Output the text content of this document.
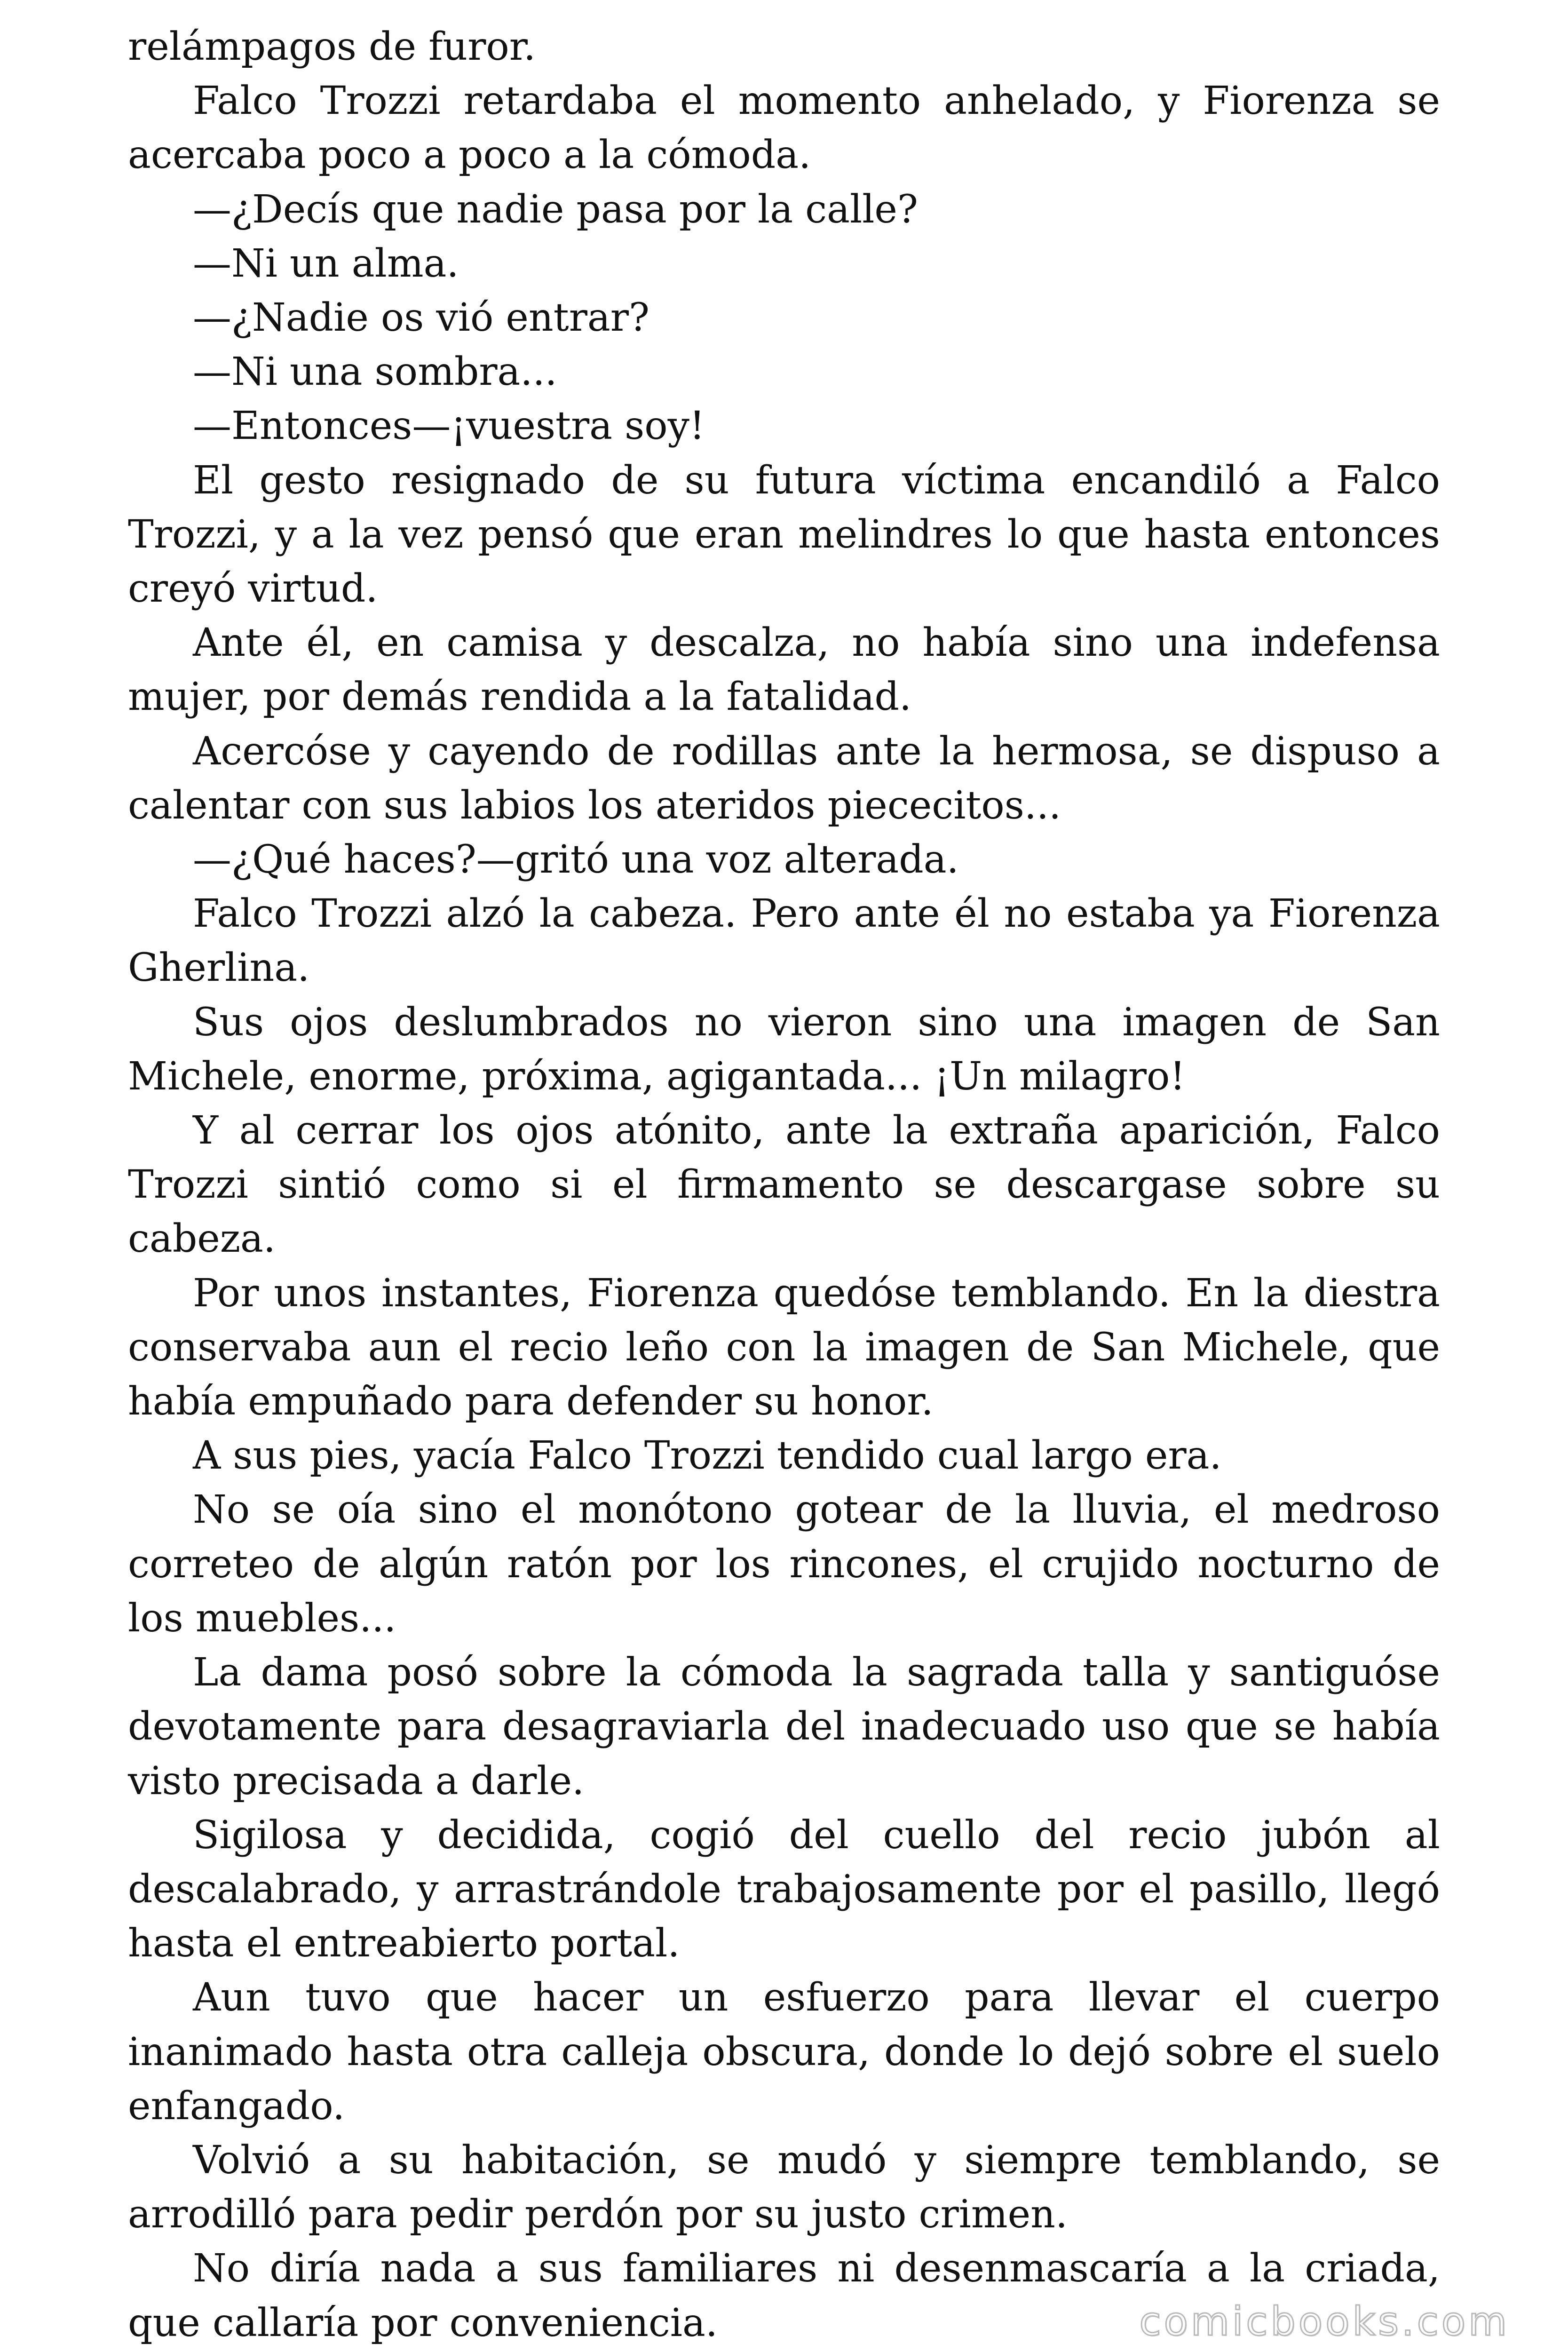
relámpagos de furor.

Falco Trozzi retardaba el momento anhelado, y Fiorenza se acercaba poco a poco a la cómoda.

—¿Decís que nadie pasa por la calle?

—Ni un alma.

—¿Nadie os vió entrar?

—Ni una sombra...

—Entonces—¡vuestra soy!

El gesto resignado de su futura víctima encandiló a Falco Trozzi, y a la vez pensó que eran melindres lo que hasta entonces creyó virtud.

Ante él, en camisa y descalza, no había sino una indefensa mujer, por demás rendida a la fatalidad.

Acercóse y cayendo de rodillas ante la hermosa, se dispuso a calentar con sus labios los ateridos piececitos...

—¿Qué haces?—gritó una voz alterada.

Falco Trozzi alzó la cabeza. Pero ante él no estaba ya Fiorenza Gherlina.

Sus ojos deslumbrados no vieron sino una imagen de San Michele, enorme, próxima, agigantada... ¡Un milagro!

Y al cerrar los ojos atónito, ante la extraña aparición, Falco Trozzi sintió como si el firmamento se descargase sobre su cabeza.

Por unos instantes, Fiorenza quedóse temblando. En la diestra conservaba aun el recio leño con la imagen de San Michele, que había empuñado para defender su honor.

A sus pies, yacía Falco Trozzi tendido cual largo era.

No se oía sino el monótono gotear de la lluvia, el medroso correteo de algún ratón por los rincones, el crujido nocturno de los muebles...

La dama posó sobre la cómoda la sagrada talla y santiguóse devotamente para desagraviarla del inadecuado uso que se había visto precisada a darle.

Sigilosa y decidida, cogió del cuello del recio jubón al descalabrado, y arrastrándole trabajosamente por el pasillo, llegó hasta el entreabierto portal.

Aun tuvo que hacer un esfuerzo para llevar el cuerpo inanimado hasta otra calleja obscura, donde lo dejó sobre el suelo enfangado.

Volvió a su habitación, se mudó y siempre temblando, se arrodilló para pedir perdón por su justo crimen.

No diría nada a sus familiares ni desenmascaría a la criada, que callaría por conveniencia.	comicbooks.com
